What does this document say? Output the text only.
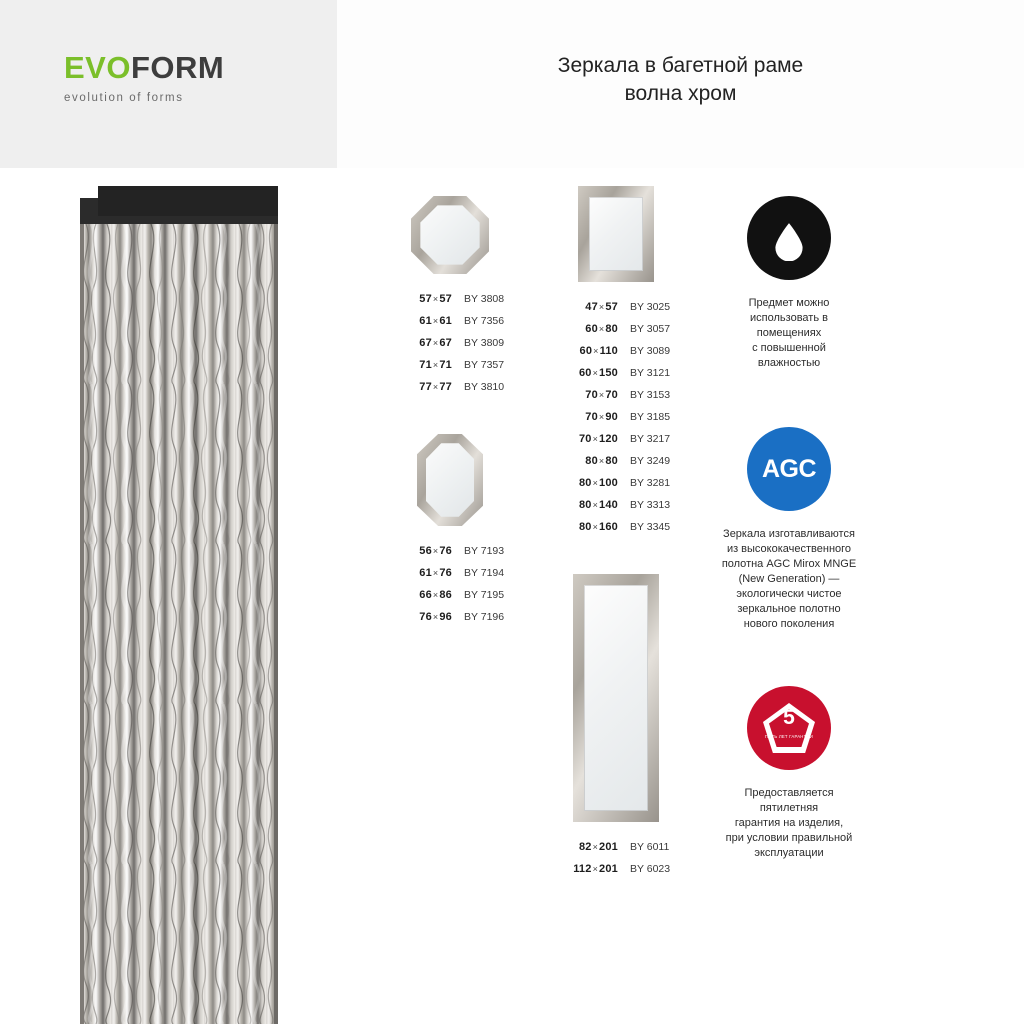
EVOFORM
evolution of forms
Зеркала в багетной раме
волна хром
57×57	BY 3808
61×61	BY 7356
67×67	BY 3809
71×71	BY 7357
77×77	BY 3810
56×76	BY 7193
61×76	BY 7194
66×86	BY 7195
76×96	BY 7196
47×57	BY 3025
60×80	BY 3057
60×110	BY 3089
60×150	BY 3121
70×70	BY 3153
70×90	BY 3185
70×120	BY 3217
80×80	BY 3249
80×100	BY 3281
80×140	BY 3313
80×160	BY 3345
82×201	BY 6011
112×201	BY 6023
Предмет можно
использовать в
помещениях
с повышенной
влажностью
AGC
Зеркала изготавливаются
из высококачественного
полотна AGC Mirox MNGE
(New Generation) —
экологически чистое
зеркальное полотно
нового поколения
5
ПЯТЬ ЛЕТ ГАРАНТИИ
Предоставляется
пятилетняя
гарантия на изделия,
при условии правильной
эксплуатации
